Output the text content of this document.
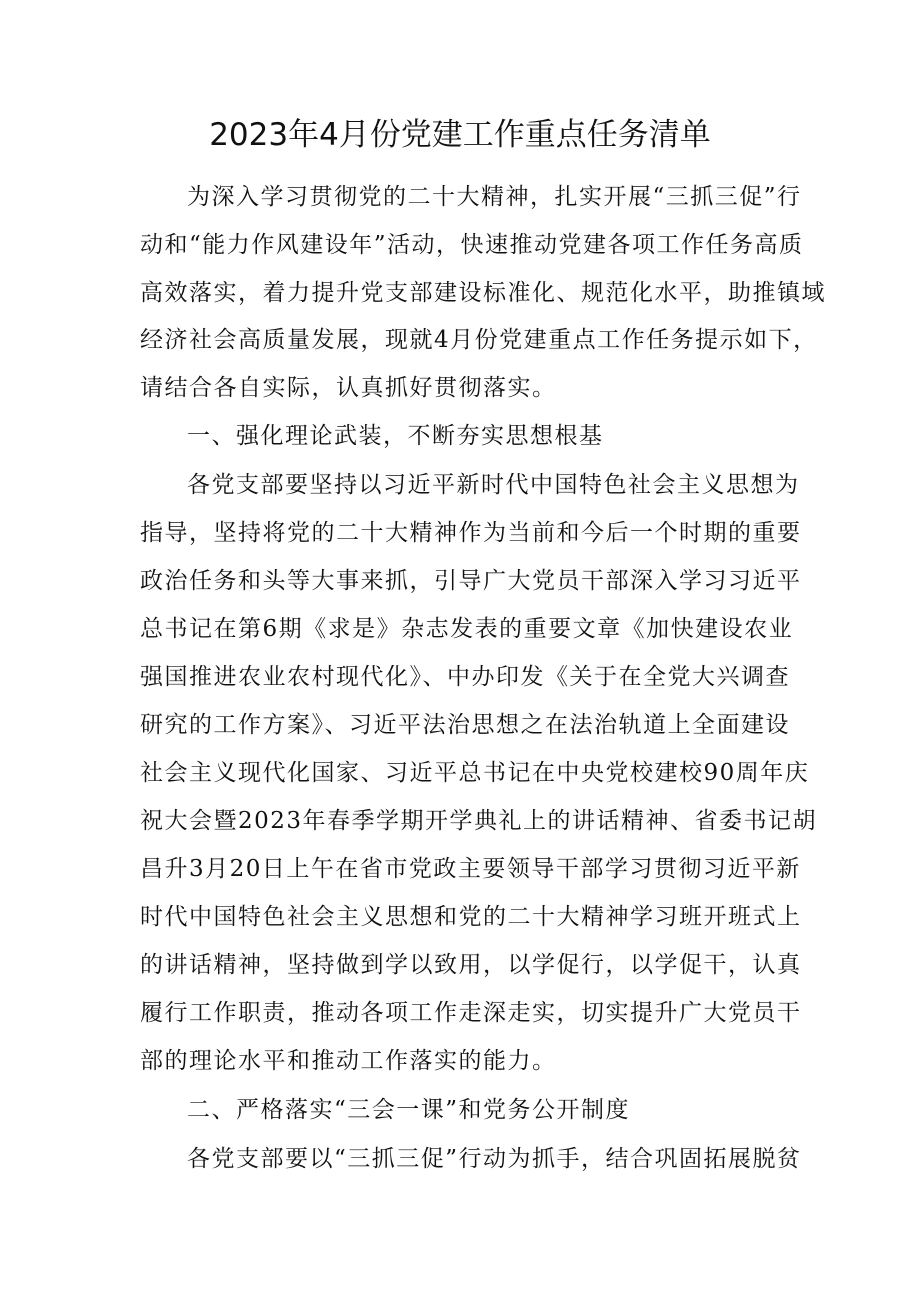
2023年4月份党建工作重点任务清单

为深入学习贯彻党的二十大精神，扎实开展“三抓三促”行

动和“能力作风建设年”活动，快速推动党建各项工作任务高质

高效落实，着力提升党支部建设标准化、规范化水平，助推镇域

经济社会高质量发展，现就4月份党建重点工作任务提示如下，

请结合各自实际，认真抓好贯彻落实。

一、强化理论武装，不断夯实思想根基

各党支部要坚持以习近平新时代中国特色社会主义思想为

指导，坚持将党的二十大精神作为当前和今后一个时期的重要

政治任务和头等大事来抓，引导广大党员干部深入学习习近平

总书记在第6期《求是》杂志发表的重要文章《加快建设农业

强国推进农业农村现代化》、中办印发《关于在全党大兴调查

研究的工作方案》、习近平法治思想之在法治轨道上全面建设

社会主义现代化国家、习近平总书记在中央党校建校90周年庆

祝大会暨2023年春季学期开学典礼上的讲话精神、省委书记胡

昌升3月20日上午在省市党政主要领导干部学习贯彻习近平新

时代中国特色社会主义思想和党的二十大精神学习班开班式上

的讲话精神，坚持做到学以致用，以学促行，以学促干，认真

履行工作职责，推动各项工作走深走实，切实提升广大党员干

部的理论水平和推动工作落实的能力。

二、严格落实“三会一课”和党务公开制度

各党支部要以“三抓三促”行动为抓手，结合巩固拓展脱贫
